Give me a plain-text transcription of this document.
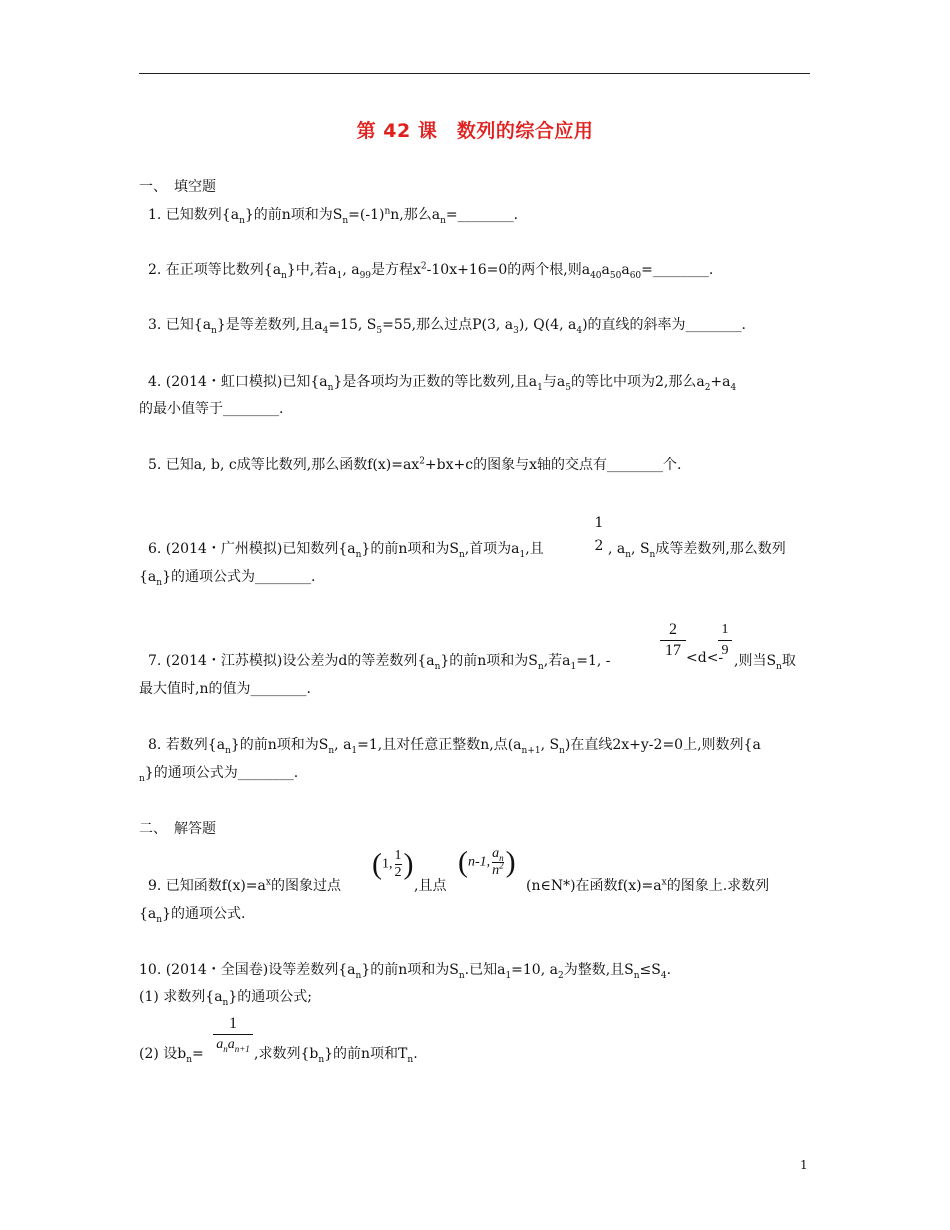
第 42 课　数列的综合应用
一、　填空题
1. 已知数列$\{a_n\}$的前n项和为$S_n=(-1)^nn$,那么$a_n=\_\_\_\_\_\_\_\_$.
2. 在正项等比数列$\{a_n\}$中,若$a_1$, $a_{99}$是方程$x^2-10x+16=0$的两个根,则$a_{40}a_{50}a_{60}=\_\_\_\_\_\_\_\_$.
3. 已知$\{a_n\}$是等差数列,且$a_4=15$, $S_5=55$,那么过点P(3, $a_3$), Q(4, $a_4$)的直线的斜率为________.
4. (2014・虹口模拟)已知$\{a_n\}$是各项均为正数的等比数列,且$a_1$与$a_5$的等比中项为2,那么$a_2+a_4$
的最小值等于________.
5. 已知a, b, c成等比数列,那么函数$f(x)=ax^2+bx+c$的图象与x轴的交点有________个.
6. (2014・广州模拟)已知数列$\{a_n\}$的前n项和为$S_n$,首项为$a_1$,且
1
2 , $a_n$, $S_n$成等差数列,那么数列
$\{a_n\}$的通项公式为________.
7. (2014・江苏模拟)设公差为d的等差数列$\{a_n\}$的前n项和为$S_n$,若$a_1=1$, -
2
17 <d<-
1
9
,则当$S_n$取
最大值时,n的值为________.
8. 若数列$\{a_n\}$的前n项和为$S_n$, $a_1=1$,且对任意正整数n,点($a_{n+1}$, $S_n$)在直线2x+y-2=0上,则数列{a
$_n$}的通项公式为________.
二、　解答题
9. 已知函数$f(x)=a^x$的图象过点
(1, $\frac{1}{2}$ )
,且点
(n-1, $\frac{a_n}{n^2}$ )
(n∈N*)在函数$f(x)=a^x$的图象上.求数列
$\{a_n\}$的通项公式.
10. (2014・全国卷)设等差数列$\{a_n\}$的前n项和为$S_n$.已知$a_1=10$, $a_2$为整数,且$S_n\le S_4$.
(1) 求数列$\{a_n\}$的通项公式;
(2) 设$b_n=$
1
$a_na_{n+1}$ ,求数列$\{b_n\}$的前n项和$T_n$.
1
